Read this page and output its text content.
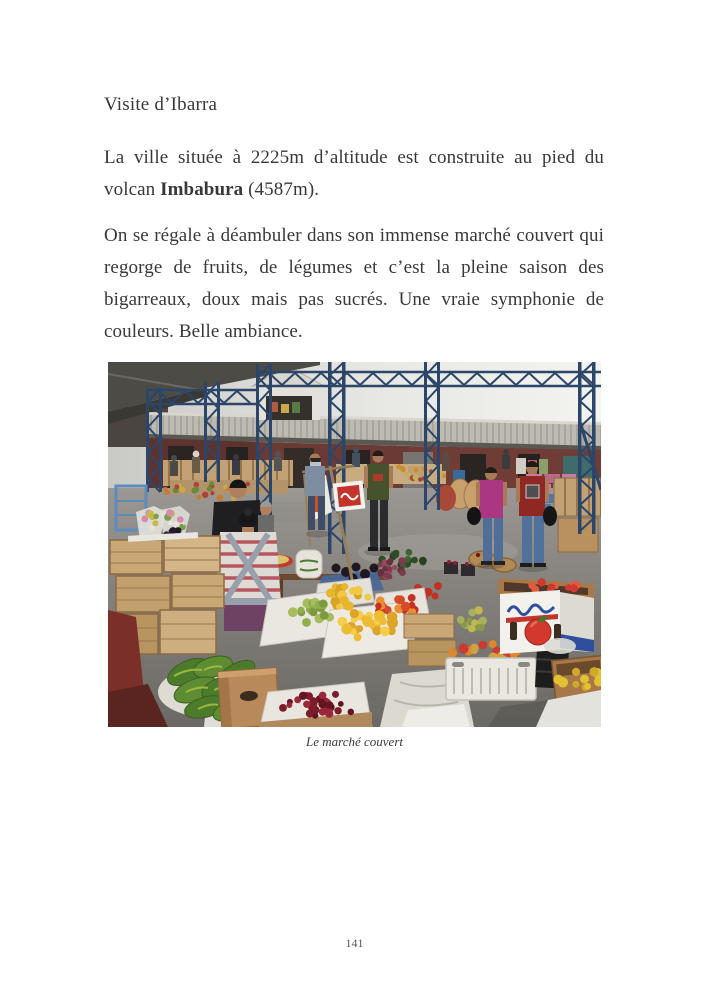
Visite d’Ibarra

La ville située à 2225m d’altitude est construite au pied du volcan Imbabura (4587m).

On se régale à déambuler dans son immense marché couvert qui regorge de fruits, de légumes et c’est la pleine saison des bigarreaux, doux mais pas sucrés. Une vraie symphonie de couleurs. Belle ambiance.

Le marché couvert
141
